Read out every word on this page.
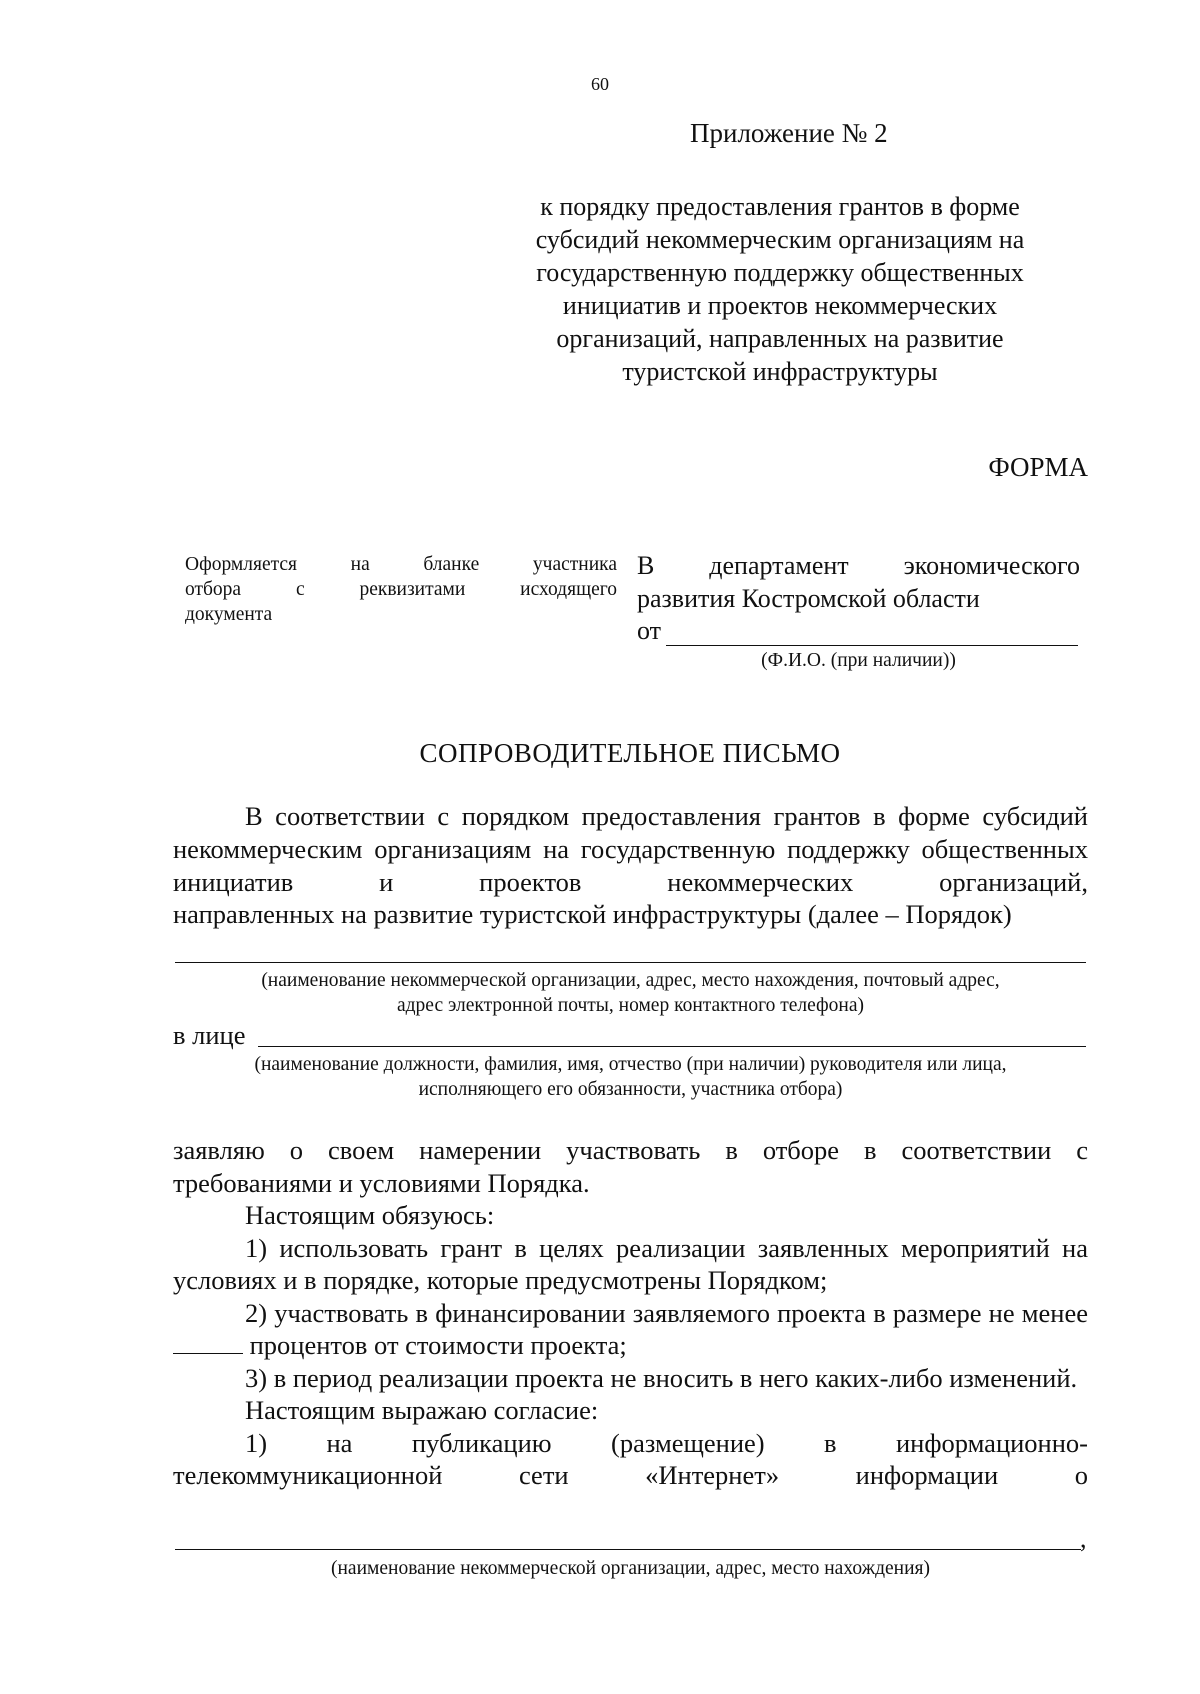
60
Приложение № 2
к порядку предоставления грантов в форме
субсидий некоммерческим организациям на
государственную поддержку общественных
инициатив и проектов некоммерческих
организаций, направленных на развитие
туристской инфраструктуры
ФОРМА
Оформляется на бланке участника
отбора с реквизитами исходящего
документа
В департамент экономического
развития Костромской области
от
(Ф.И.О. (при наличии))
СОПРОВОДИТЕЛЬНОЕ ПИСЬМО
В соответствии с порядком предоставления грантов в форме субсидий некоммерческим организациям на государственную поддержку общественных инициатив и проектов некоммерческих организаций,
направленных на развитие туристской инфраструктуры (далее – Порядок)
(наименование некоммерческой организации, адрес, место нахождения, почтовый адрес,
адрес электронной почты, номер контактного телефона)
в лице
(наименование должности, фамилия, имя, отчество (при наличии) руководителя или лица,
исполняющего его обязанности, участника отбора)

заявляю о своем намерении участвовать в отборе в соответствии с требованиями и условиями Порядка.

Настоящим обязуюсь:

1) использовать грант в целях реализации заявленных мероприятий на условиях и в порядке, которые предусмотрены Порядком;

2) участвовать в финансировании заявляемого проекта в размере не менее  процентов от стоимости проекта;

3) в период реализации проекта не вносить в него каких-либо изменений.

Настоящим выражаю согласие:

1) на публикацию (размещение) в информационно-телекоммуникационной сети «Интернет» информации о

,
(наименование некоммерческой организации, адрес, место нахождения)
